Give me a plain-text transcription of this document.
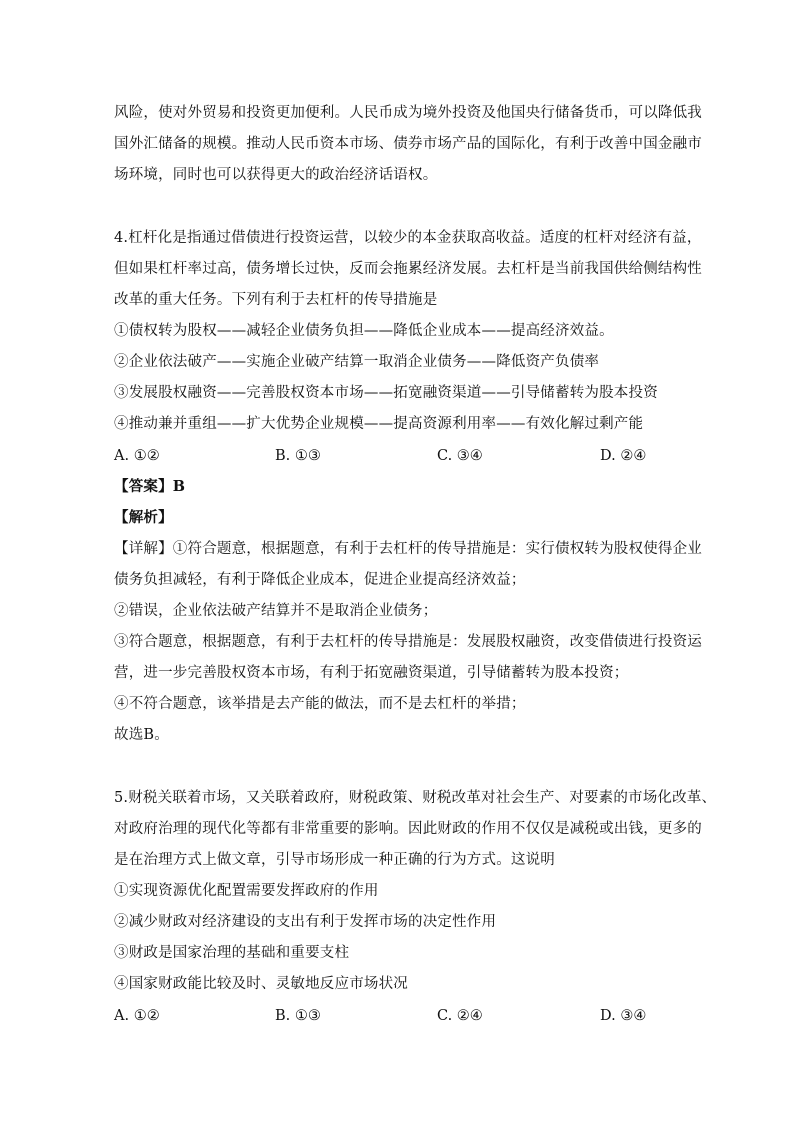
风险，使对外贸易和投资更加便利。人民币成为境外投资及他国央行储备货币，可以降低我
国外汇储备的规模。推动人民币资本市场、债券市场产品的国际化，有利于改善中国金融市
场环境，同时也可以获得更大的政治经济话语权。
4.杠杆化是指通过借债进行投资运营，以较少的本金获取高收益。适度的杠杆对经济有益，
但如果杠杆率过高，债务增长过快，反而会拖累经济发展。去杠杆是当前我国供给侧结构性
改革的重大任务。下列有利于去杠杆的传导措施是
①债权转为股权——减轻企业债务负担——降低企业成本——提高经济效益。
②企业依法破产——实施企业破产结算一取消企业债务——降低资产负债率
③发展股权融资——完善股权资本市场——拓宽融资渠道——引导储蓄转为股本投资
④推动兼并重组——扩大优势企业规模——提高资源利用率——有效化解过剩产能
A. ①②	B. ①③	C. ③④	D. ②④
【答案】B
【解析】
【详解】①符合题意，根据题意，有利于去杠杆的传导措施是：实行债权转为股权使得企业
债务负担减轻，有利于降低企业成本，促进企业提高经济效益；
②错误，企业依法破产结算并不是取消企业债务；
③符合题意，根据题意，有利于去杠杆的传导措施是：发展股权融资，改变借债进行投资运
营，进一步完善股权资本市场，有利于拓宽融资渠道，引导储蓄转为股本投资；
④不符合题意，该举措是去产能的做法，而不是去杠杆的举措；
故选B。
5.财税关联着市场，又关联着政府，财税政策、财税改革对社会生产、对要素的市场化改革、
对政府治理的现代化等都有非常重要的影响。因此财政的作用不仅仅是减税或出钱，更多的
是在治理方式上做文章，引导市场形成一种正确的行为方式。这说明
①实现资源优化配置需要发挥政府的作用
②减少财政对经济建设的支出有利于发挥市场的决定性作用
③财政是国家治理的基础和重要支柱
④国家财政能比较及时、灵敏地反应市场状况
A. ①②	B. ①③	C. ②④	D. ③④
